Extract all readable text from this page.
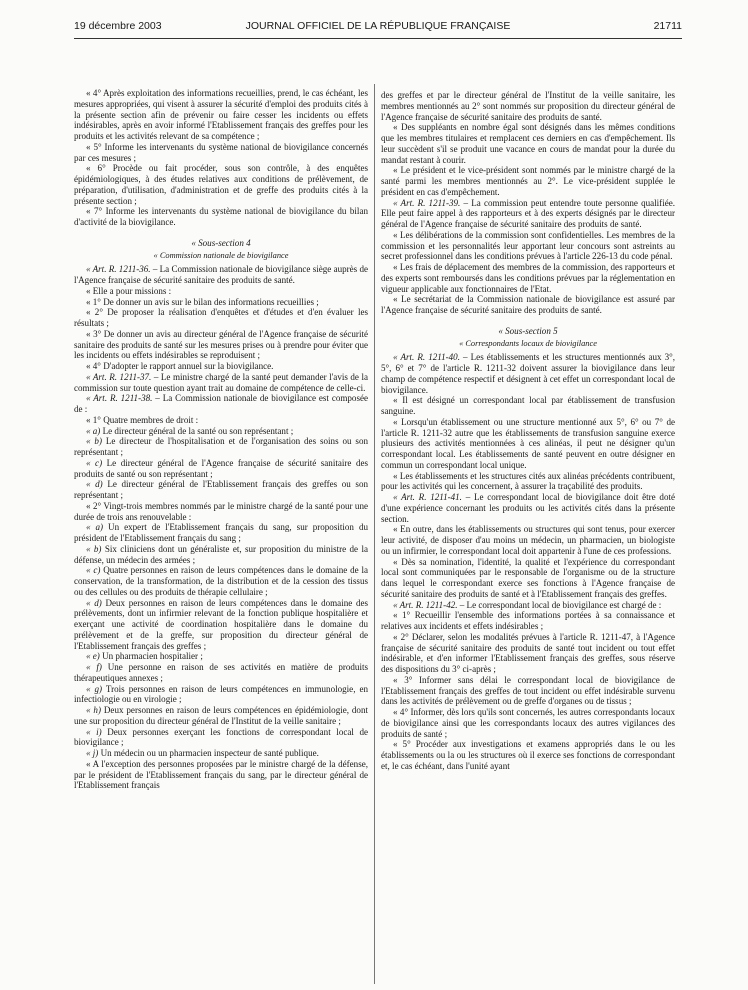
19 décembre 2003	JOURNAL OFFICIEL DE LA RÉPUBLIQUE FRANÇAISE	21711

« 4° Après exploitation des informations recueillies, prend, le cas échéant, les mesures appropriées, qui visent à assurer la sécurité d'emploi des produits cités à la présente section afin de prévenir ou faire cesser les incidents ou effets indésirables, après en avoir informé l'Etablissement français des greffes pour les produits et les activités relevant de sa compétence ;

« 5° Informe les intervenants du système national de biovigilance concernés par ces mesures ;

« 6° Procède ou fait procéder, sous son contrôle, à des enquêtes épidémiologiques, à des études relatives aux conditions de prélèvement, de préparation, d'utilisation, d'administration et de greffe des produits cités à la présente section ;

« 7° Informe les intervenants du système national de biovigilance du bilan d'activité de la biovigilance.

« Sous-section 4

« Commission nationale de biovigilance

« Art. R. 1211-36. – La Commission nationale de biovigilance siège auprès de l'Agence française de sécurité sanitaire des produits de santé.

« Elle a pour missions :

« 1° De donner un avis sur le bilan des informations recueillies ;

« 2° De proposer la réalisation d'enquêtes et d'études et d'en évaluer les résultats ;

« 3° De donner un avis au directeur général de l'Agence française de sécurité sanitaire des produits de santé sur les mesures prises ou à prendre pour éviter que les incidents ou effets indésirables se reproduisent ;

« 4° D'adopter le rapport annuel sur la biovigilance.

« Art. R. 1211-37. – Le ministre chargé de la santé peut demander l'avis de la commission sur toute question ayant trait au domaine de compétence de celle-ci.

« Art. R. 1211-38. – La Commission nationale de biovigilance est composée de :

« 1° Quatre membres de droit :

« a) Le directeur général de la santé ou son représentant ;

« b) Le directeur de l'hospitalisation et de l'organisation des soins ou son représentant ;

« c) Le directeur général de l'Agence française de sécurité sanitaire des produits de santé ou son représentant ;

« d) Le directeur général de l'Etablissement français des greffes ou son représentant ;

« 2° Vingt-trois membres nommés par le ministre chargé de la santé pour une durée de trois ans renouvelable :

« a) Un expert de l'Etablissement français du sang, sur proposition du président de l'Etablissement français du sang ;

« b) Six cliniciens dont un généraliste et, sur proposition du ministre de la défense, un médecin des armées ;

« c) Quatre personnes en raison de leurs compétences dans le domaine de la conservation, de la transformation, de la distribution et de la cession des tissus ou des cellules ou des produits de thérapie cellulaire ;

« d) Deux personnes en raison de leurs compétences dans le domaine des prélèvements, dont un infirmier relevant de la fonction publique hospitalière et exerçant une activité de coordination hospitalière dans le domaine du prélèvement et de la greffe, sur proposition du directeur général de l'Etablissement français des greffes ;

« e) Un pharmacien hospitalier ;

« f) Une personne en raison de ses activités en matière de produits thérapeutiques annexes ;

« g) Trois personnes en raison de leurs compétences en immunologie, en infectiologie ou en virologie ;

« h) Deux personnes en raison de leurs compétences en épidémiologie, dont une sur proposition du directeur général de l'Institut de la veille sanitaire ;

« i) Deux personnes exerçant les fonctions de correspondant local de biovigilance ;

« j) Un médecin ou un pharmacien inspecteur de santé publique.

« A l'exception des personnes proposées par le ministre chargé de la défense, par le président de l'Etablissement français du sang, par le directeur général de l'Etablissement français

des greffes et par le directeur général de l'Institut de la veille sanitaire, les membres mentionnés au 2° sont nommés sur proposition du directeur général de l'Agence française de sécurité sanitaire des produits de santé.

« Des suppléants en nombre égal sont désignés dans les mêmes conditions que les membres titulaires et remplacent ces derniers en cas d'empêchement. Ils leur succèdent s'il se produit une vacance en cours de mandat pour la durée du mandat restant à courir.

« Le président et le vice-président sont nommés par le ministre chargé de la santé parmi les membres mentionnés au 2°. Le vice-président supplée le président en cas d'empêchement.

« Art. R. 1211-39. – La commission peut entendre toute personne qualifiée. Elle peut faire appel à des rapporteurs et à des experts désignés par le directeur général de l'Agence française de sécurité sanitaire des produits de santé.

« Les délibérations de la commission sont confidentielles. Les membres de la commission et les personnalités leur apportant leur concours sont astreints au secret professionnel dans les conditions prévues à l'article 226-13 du code pénal.

« Les frais de déplacement des membres de la commission, des rapporteurs et des experts sont remboursés dans les conditions prévues par la réglementation en vigueur applicable aux fonctionnaires de l'Etat.

« Le secrétariat de la Commission nationale de biovigilance est assuré par l'Agence française de sécurité sanitaire des produits de santé.

« Sous-section 5

« Correspondants locaux de biovigilance

« Art. R. 1211-40. – Les établissements et les structures mentionnés aux 3°, 5°, 6° et 7° de l'article R. 1211-32 doivent assurer la biovigilance dans leur champ de compétence respectif et désignent à cet effet un correspondant local de biovigilance.

« Il est désigné un correspondant local par établissement de transfusion sanguine.

« Lorsqu'un établissement ou une structure mentionné aux 5°, 6° ou 7° de l'article R. 1211-32 autre que les établissements de transfusion sanguine exerce plusieurs des activités mentionnées à ces alinéas, il peut ne désigner qu'un correspondant local. Les établissements de santé peuvent en outre désigner en commun un correspondant local unique.

« Les établissements et les structures cités aux alinéas précédents contribuent, pour les activités qui les concernent, à assurer la traçabilité des produits.

« Art. R. 1211-41. – Le correspondant local de biovigilance doit être doté d'une expérience concernant les produits ou les activités cités dans la présente section.

« En outre, dans les établissements ou structures qui sont tenus, pour exercer leur activité, de disposer d'au moins un médecin, un pharmacien, un biologiste ou un infirmier, le correspondant local doit appartenir à l'une de ces professions.

« Dès sa nomination, l'identité, la qualité et l'expérience du correspondant local sont communiquées par le responsable de l'organisme ou de la structure dans lequel le correspondant exerce ses fonctions à l'Agence française de sécurité sanitaire des produits de santé et à l'Etablissement français des greffes.

« Art. R. 1211-42. – Le correspondant local de biovigilance est chargé de :

« 1° Recueillir l'ensemble des informations portées à sa connaissance et relatives aux incidents et effets indésirables ;

« 2° Déclarer, selon les modalités prévues à l'article R. 1211-47, à l'Agence française de sécurité sanitaire des produits de santé tout incident ou tout effet indésirable, et d'en informer l'Etablissement français des greffes, sous réserve des dispositions du 3° ci-après ;

« 3° Informer sans délai le correspondant local de biovigilance de l'Etablissement français des greffes de tout incident ou effet indésirable survenu dans les activités de prélèvement ou de greffe d'organes ou de tissus ;

« 4° Informer, dès lors qu'ils sont concernés, les autres correspondants locaux de biovigilance ainsi que les correspondants locaux des autres vigilances des produits de santé ;

« 5° Procéder aux investigations et examens appropriés dans le ou les établissements ou la ou les structures où il exerce ses fonctions de correspondant et, le cas échéant, dans l'unité ayant
